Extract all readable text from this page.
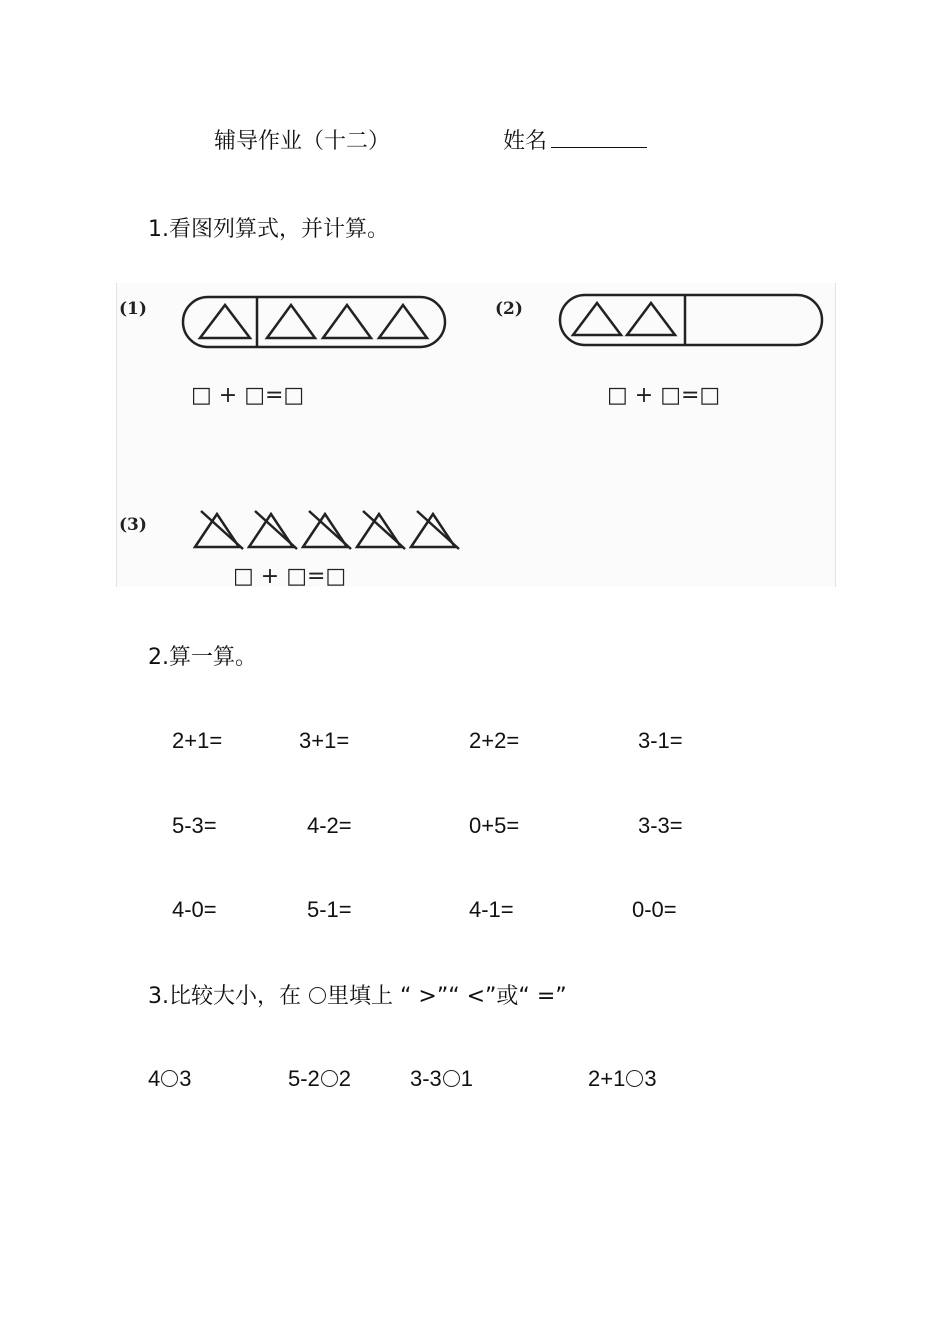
辅导作业（十二）	姓名
1.看图列算式，并计算。
(1)
□ + □=□
(2)
□ + □=□
(3)
□ + □=□
2.算一算。
2+1=	3+1=	2+2=	3-1=
5-3=	4-2=	0+5=	3-3=
4-0=	5-1=	4-1=	0-0=
3.比较大小，在 里填上 “ >”“ <”或“ =”
4 3	5-2 2	3-3 1	2+1 3
